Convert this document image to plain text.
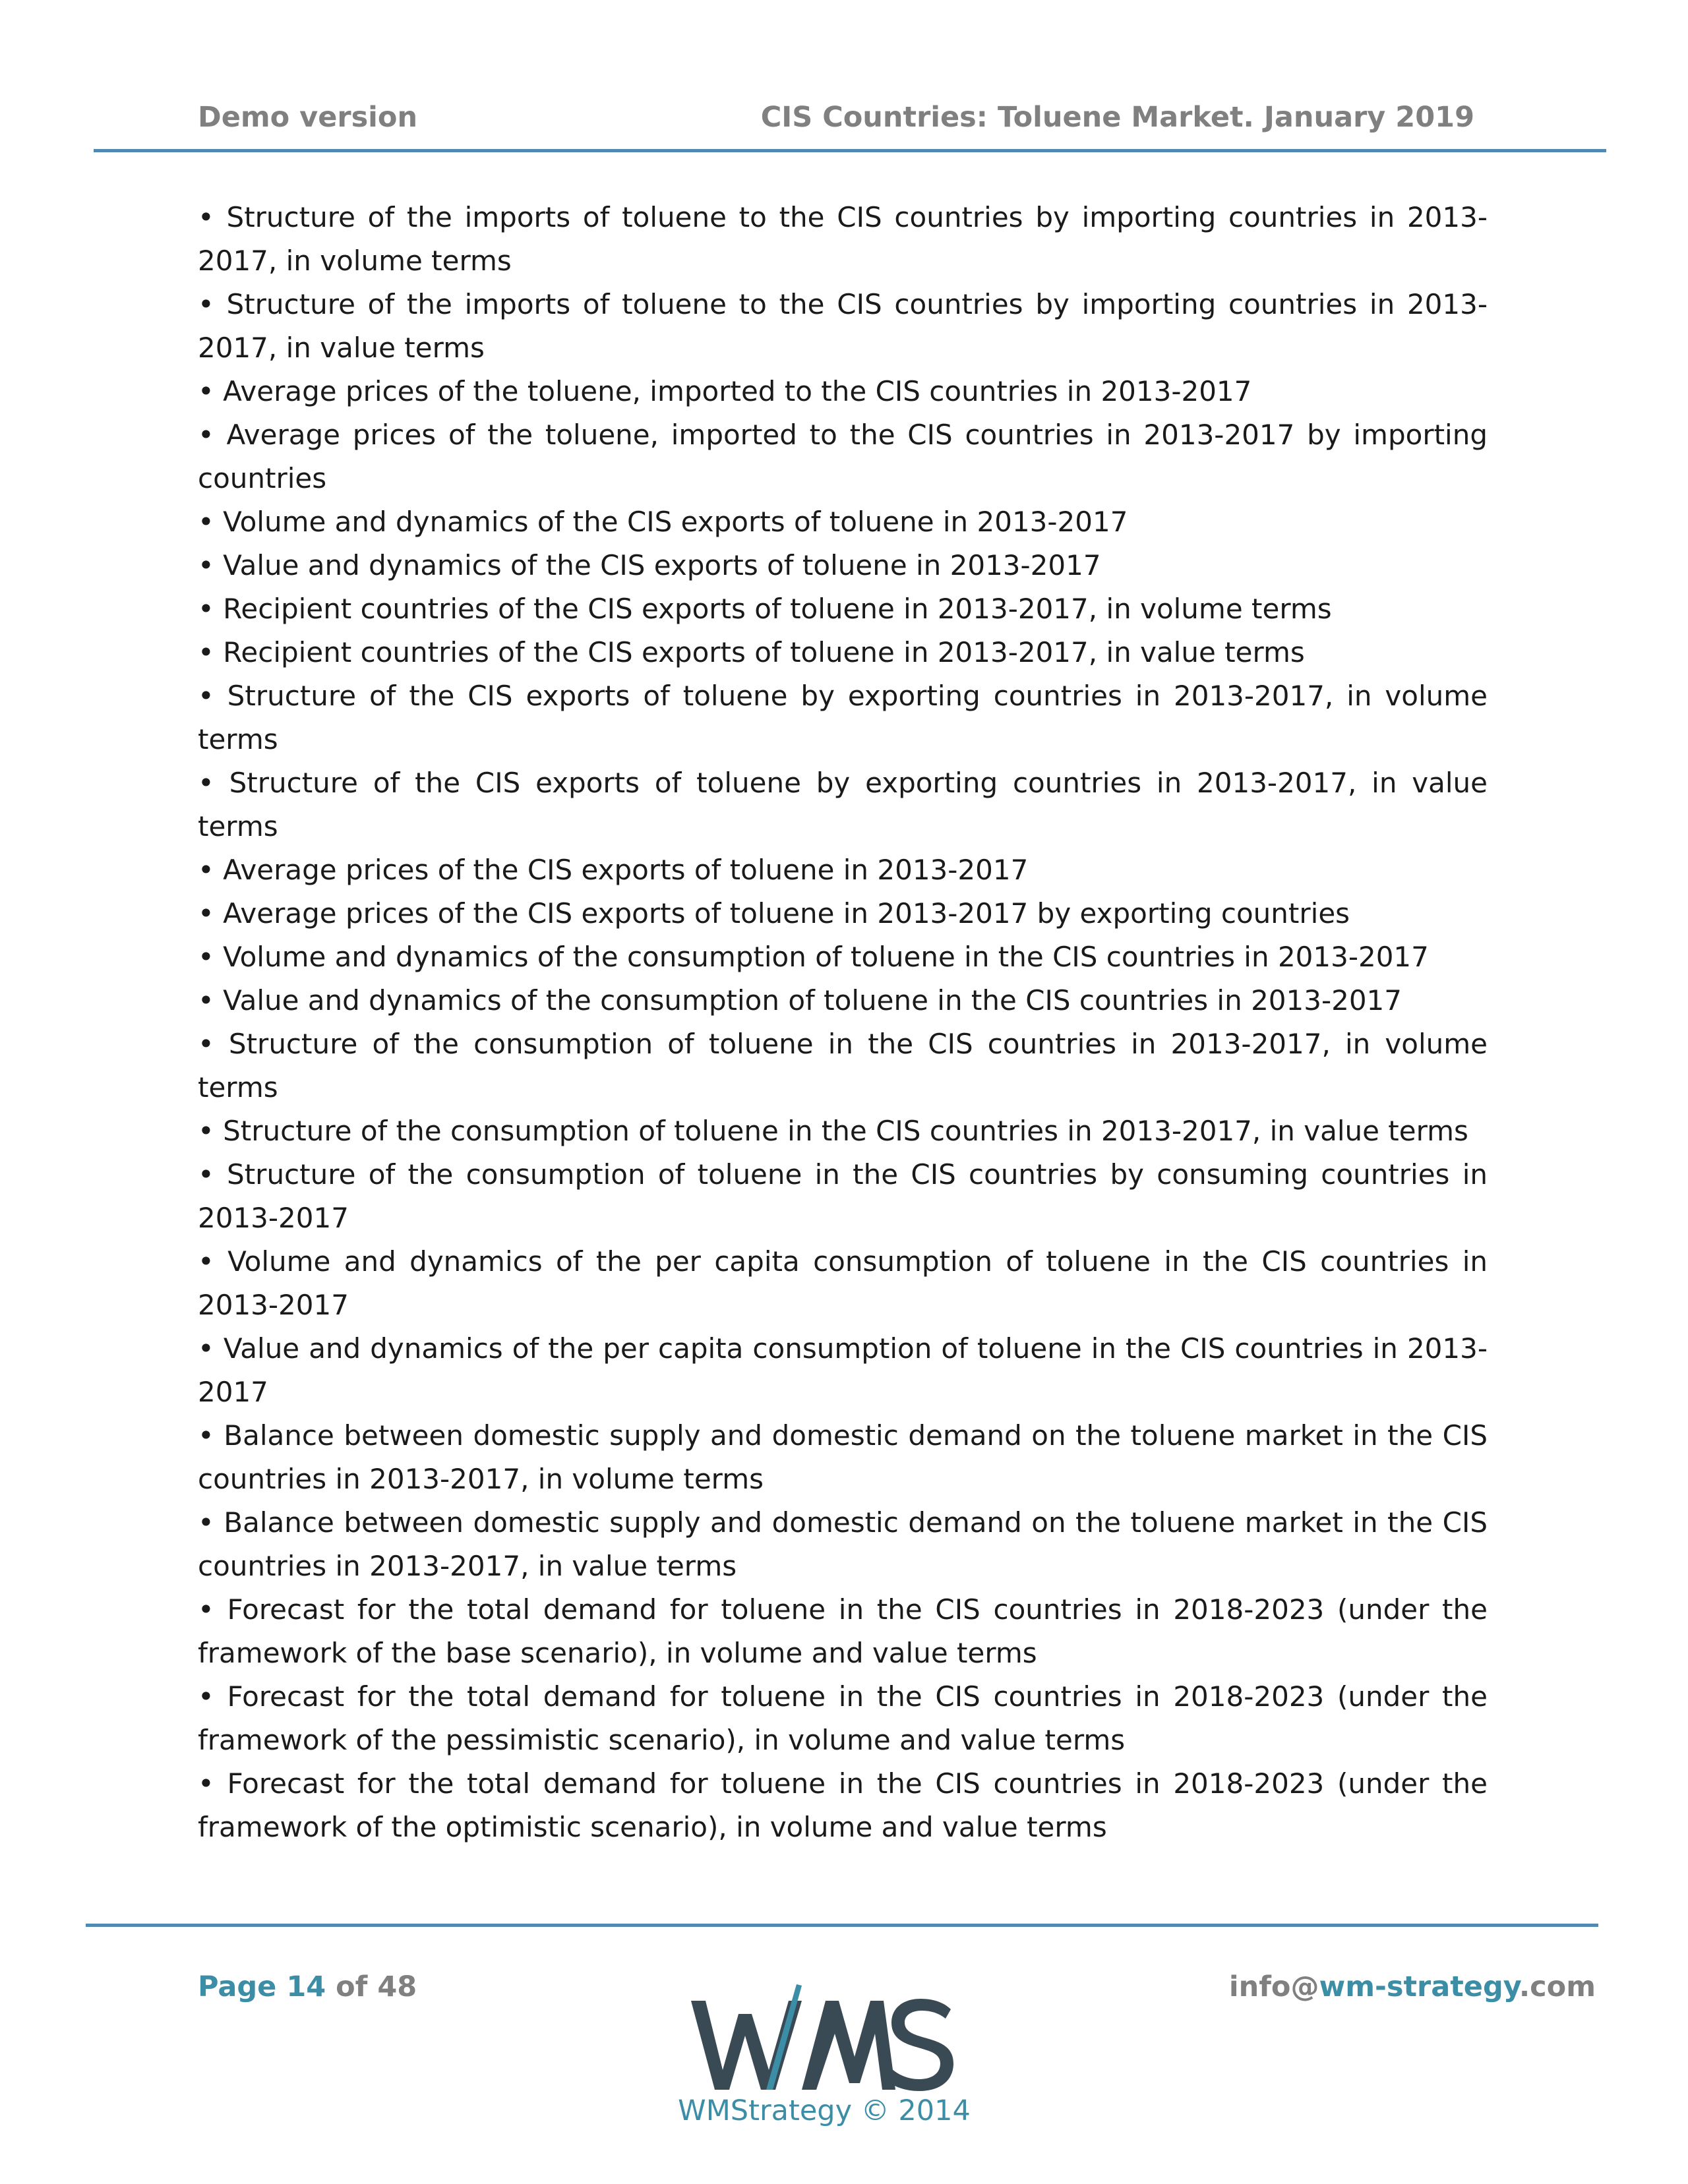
Demo version	CIS Countries: Toluene Market. January 2019
• Structure of the imports of toluene to the CIS countries by importing countries in 2013-2017, in volume terms
• Structure of the imports of toluene to the CIS countries by importing countries in 2013-2017, in value terms
• Average prices of the toluene, imported to the CIS countries in 2013-2017
• Average prices of the toluene, imported to the CIS countries in 2013-2017 by importing countries
• Volume and dynamics of the CIS exports of toluene in 2013-2017
• Value and dynamics of the CIS exports of toluene in 2013-2017
• Recipient countries of the CIS exports of toluene in 2013-2017, in volume terms
• Recipient countries of the CIS exports of toluene in 2013-2017, in value terms
• Structure of the CIS exports of toluene by exporting countries in 2013-2017, in volume terms
• Structure of the CIS exports of toluene by exporting countries in 2013-2017, in value terms
• Average prices of the CIS exports of toluene in 2013-2017
• Average prices of the CIS exports of toluene in 2013-2017 by exporting countries
• Volume and dynamics of the consumption of toluene in the CIS countries in 2013-2017
• Value and dynamics of the consumption of toluene in the CIS countries in 2013-2017
• Structure of the consumption of toluene in the CIS countries in 2013-2017, in volume terms
• Structure of the consumption of toluene in the CIS countries in 2013-2017, in value terms
• Structure of the consumption of toluene in the CIS countries by consuming countries in 2013-2017
• Volume and dynamics of the per capita consumption of toluene in the CIS countries in 2013-2017
• Value and dynamics of the per capita consumption of toluene in the CIS countries in 2013-2017
• Balance between domestic supply and domestic demand on the toluene market in the CIS countries in 2013-2017, in volume terms
• Balance between domestic supply and domestic demand on the toluene market in the CIS countries in 2013-2017, in value terms
• Forecast for the total demand for toluene in the CIS countries in 2018-2023 (under the framework of the base scenario), in volume and value terms
• Forecast for the total demand for toluene in the CIS countries in 2018-2023 (under the framework of the pessimistic scenario), in volume and value terms
• Forecast for the total demand for toluene in the CIS countries in 2018-2023 (under the framework of the optimistic scenario), in volume and value terms
Page 14 of 48	info@wm-strategy.com
WMStrategy © 2014
